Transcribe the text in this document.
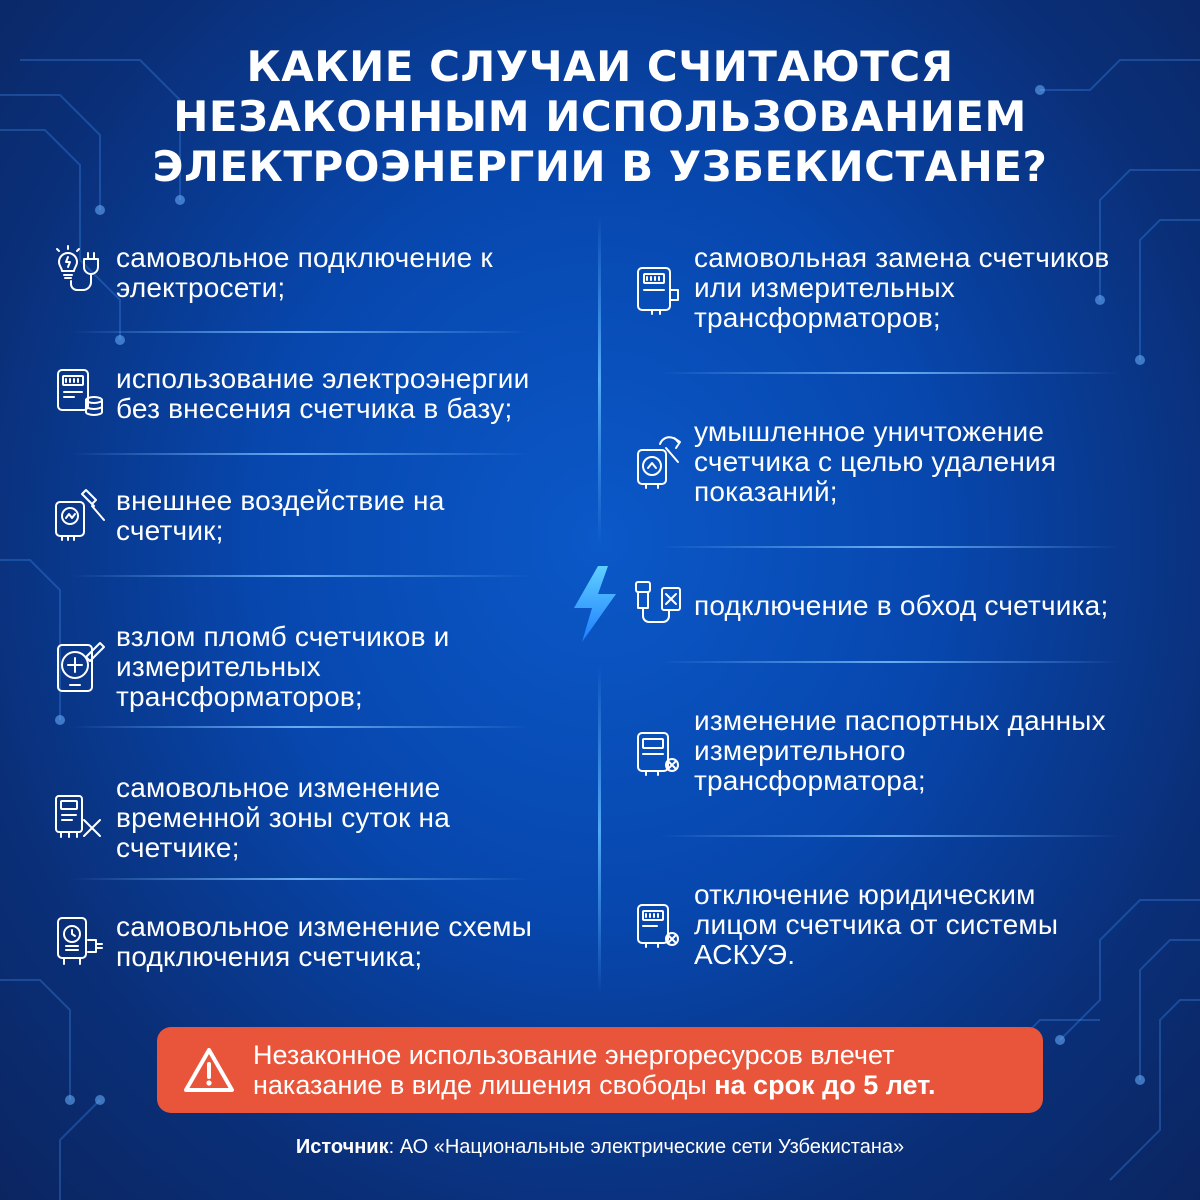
КАКИЕ СЛУЧАИ СЧИТАЮТСЯ
НЕЗАКОННЫМ ИСПОЛЬЗОВАНИЕМ
ЭЛЕКТРОЭНЕРГИИ В УЗБЕКИСТАНЕ?
самовольное подключение к
электросети;
использование электроэнергии
без внесения счетчика в базу;
внешнее воздействие на
счетчик;
взлом пломб счетчиков и
измерительных
трансформаторов;
самовольное изменение
временной зоны суток на
счетчике;
самовольное изменение схемы
подключения счетчика;
самовольная замена счетчиков
или измерительных
трансформаторов;
умышленное уничтожение
счетчика с целью удаления
показаний;
подключение в обход счетчика;
изменение паспортных данных
измерительного
трансформатора;
отключение юридическим
лицом счетчика от системы
АСКУЭ.
Незаконное использование энергоресурсов влечет
наказание в виде лишения свободы на срок до 5 лет.
Источник: АО «Национальные электрические сети Узбекистана»
